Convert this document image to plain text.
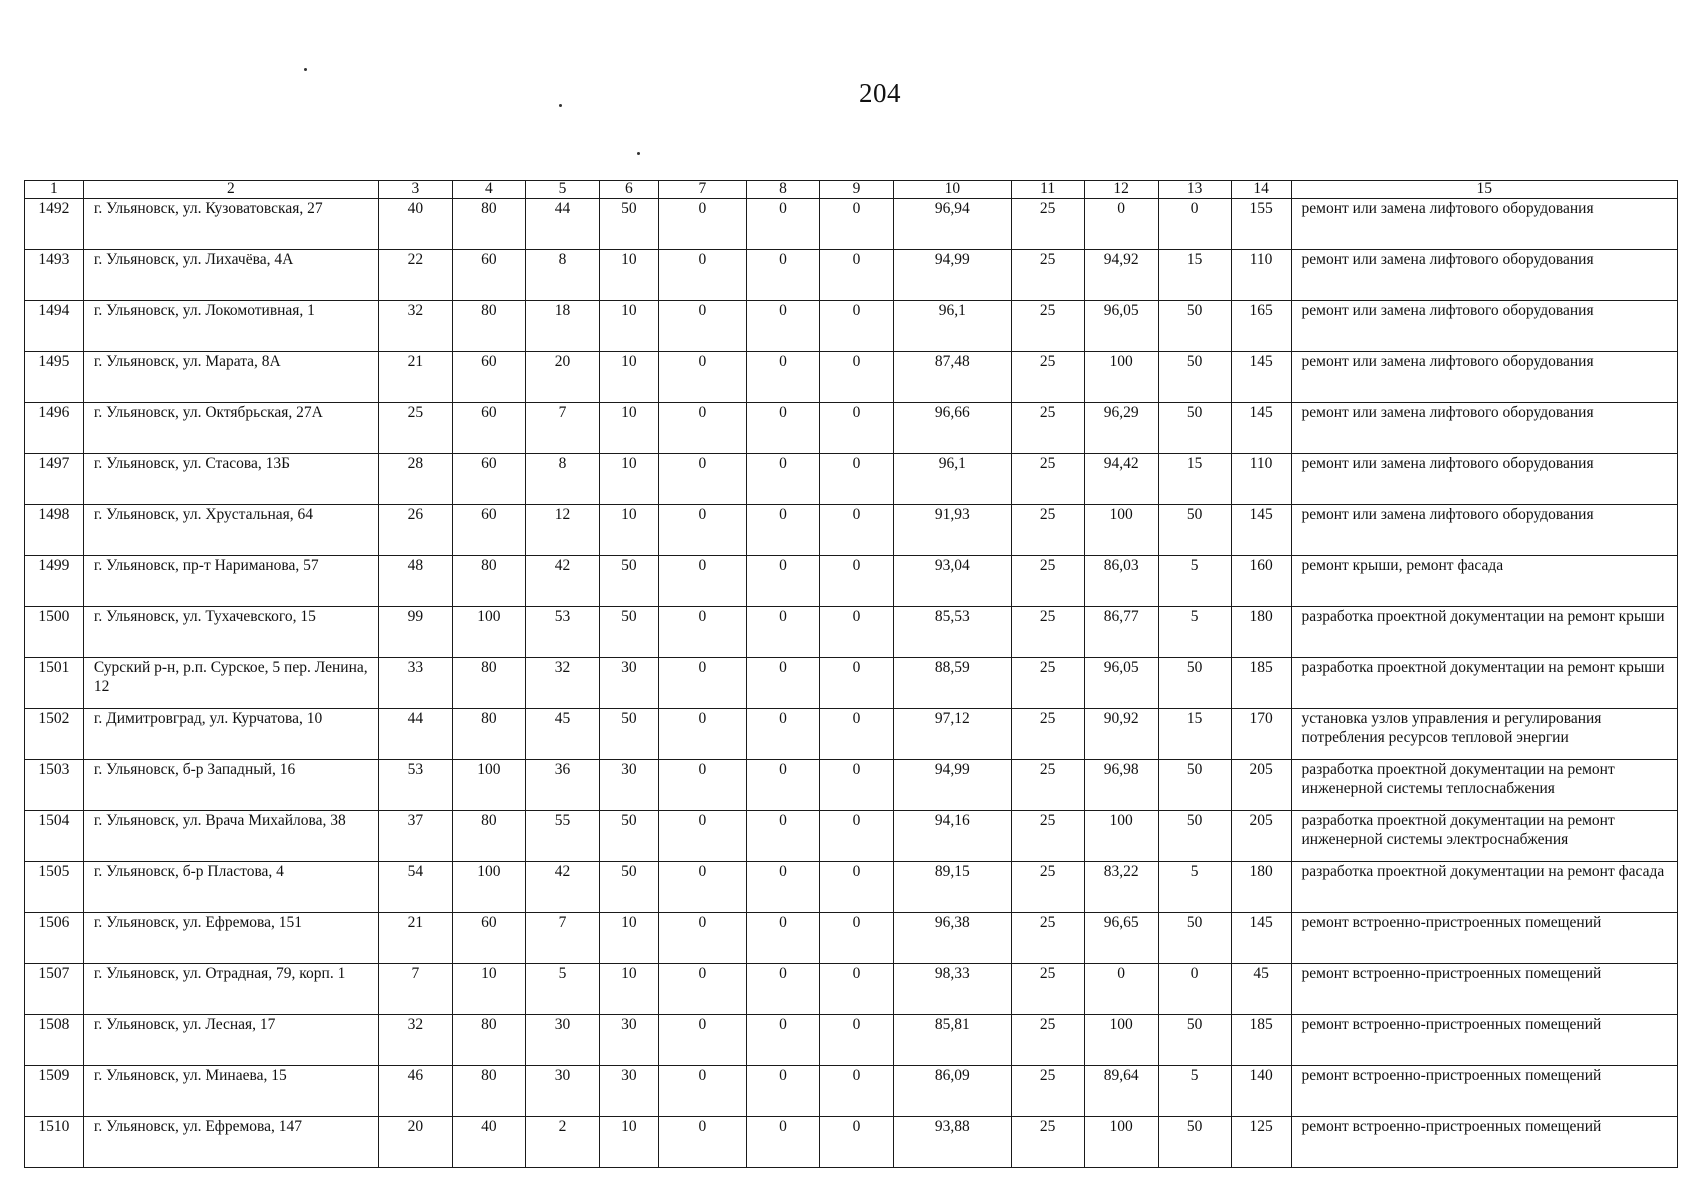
204
1	2	3	4	5	6	7	8	9	10	11	12	13	14	15
1492	г. Ульяновск, ул. Кузоватовская, 27	40	80	44	50	0	0	0	96,94	25	0	0	155	ремонт или замена лифтового оборудования
1493	г. Ульяновск, ул. Лихачёва, 4А	22	60	8	10	0	0	0	94,99	25	94,92	15	110	ремонт или замена лифтового оборудования
1494	г. Ульяновск, ул. Локомотивная, 1	32	80	18	10	0	0	0	96,1	25	96,05	50	165	ремонт или замена лифтового оборудования
1495	г. Ульяновск, ул. Марата, 8А	21	60	20	10	0	0	0	87,48	25	100	50	145	ремонт или замена лифтового оборудования
1496	г. Ульяновск, ул. Октябрьская, 27А	25	60	7	10	0	0	0	96,66	25	96,29	50	145	ремонт или замена лифтового оборудования
1497	г. Ульяновск, ул. Стасова, 13Б	28	60	8	10	0	0	0	96,1	25	94,42	15	110	ремонт или замена лифтового оборудования
1498	г. Ульяновск, ул. Хрустальная, 64	26	60	12	10	0	0	0	91,93	25	100	50	145	ремонт или замена лифтового оборудования
1499	г. Ульяновск, пр-т Нариманова, 57	48	80	42	50	0	0	0	93,04	25	86,03	5	160	ремонт крыши, ремонт фасада
1500	г. Ульяновск, ул. Тухачевского, 15	99	100	53	50	0	0	0	85,53	25	86,77	5	180	разработка проектной документации на ремонт крыши
1501	Сурский р-н, р.п. Сурское, 5 пер. Ленина, 12	33	80	32	30	0	0	0	88,59	25	96,05	50	185	разработка проектной документации на ремонт крыши
1502	г. Димитровград, ул. Курчатова, 10	44	80	45	50	0	0	0	97,12	25	90,92	15	170	установка узлов управления и регулирования потребления ресурсов тепловой энергии
1503	г. Ульяновск, б-р Западный, 16	53	100	36	30	0	0	0	94,99	25	96,98	50	205	разработка проектной документации на ремонт инженерной системы теплоснабжения
1504	г. Ульяновск, ул. Врача Михайлова, 38	37	80	55	50	0	0	0	94,16	25	100	50	205	разработка проектной документации на ремонт инженерной системы электроснабжения
1505	г. Ульяновск, б-р Пластова, 4	54	100	42	50	0	0	0	89,15	25	83,22	5	180	разработка проектной документации на ремонт фасада
1506	г. Ульяновск, ул. Ефремова, 151	21	60	7	10	0	0	0	96,38	25	96,65	50	145	ремонт встроенно-пристроенных помещений
1507	г. Ульяновск, ул. Отрадная, 79, корп. 1	7	10	5	10	0	0	0	98,33	25	0	0	45	ремонт встроенно-пристроенных помещений
1508	г. Ульяновск, ул. Лесная, 17	32	80	30	30	0	0	0	85,81	25	100	50	185	ремонт встроенно-пристроенных помещений
1509	г. Ульяновск, ул. Минаева, 15	46	80	30	30	0	0	0	86,09	25	89,64	5	140	ремонт встроенно-пристроенных помещений
1510	г. Ульяновск, ул. Ефремова, 147	20	40	2	10	0	0	0	93,88	25	100	50	125	ремонт встроенно-пристроенных помещений
